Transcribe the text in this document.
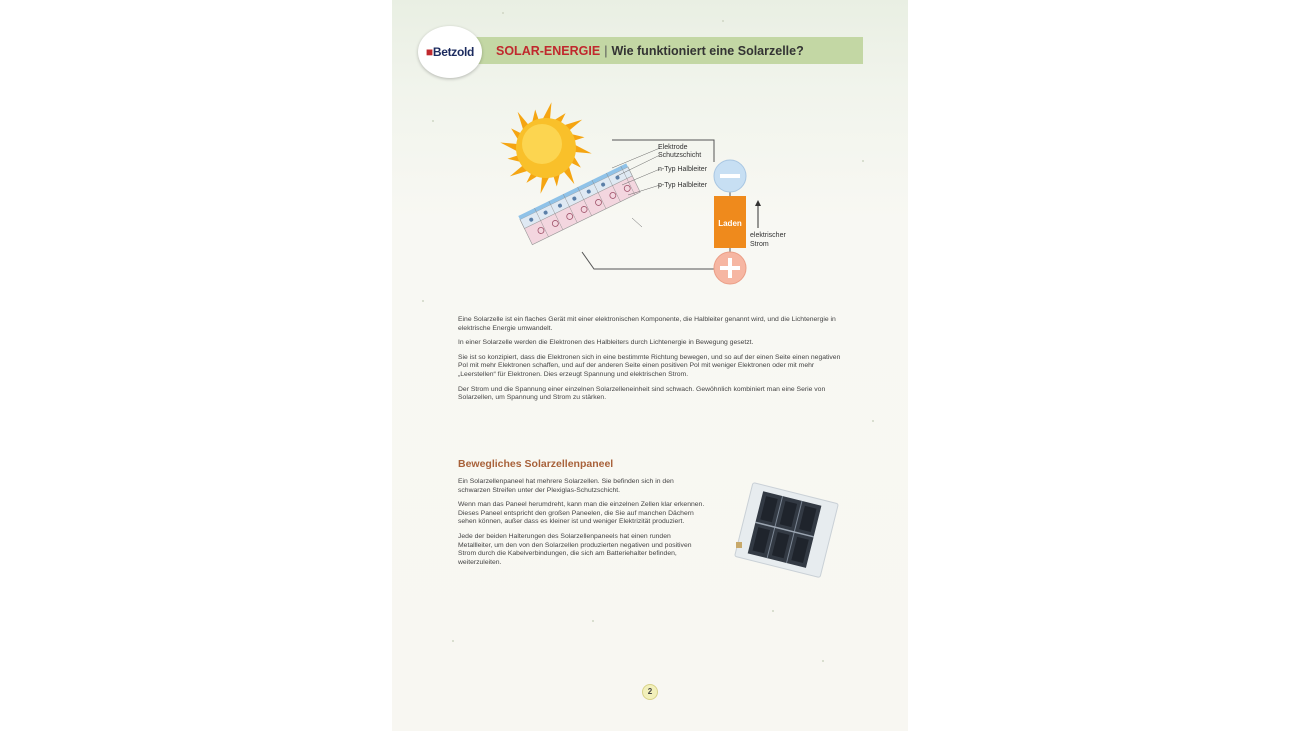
SOLAR-ENERGIE | Wie funktioniert eine Solarzelle?
■Betzold
Elektrode
Schutzschicht
n-Typ Halbleiter
p-Typ Halbleiter
Laden
elektrischer
Strom

Eine Solarzelle ist ein flaches Gerät mit einer elektronischen Komponente, die Halbleiter genannt wird, und die Lichtenergie in elektrische Energie umwandelt.

In einer Solarzelle werden die Elektronen des Halbleiters durch Lichtenergie in Bewegung gesetzt.

Sie ist so konzipiert, dass die Elektronen sich in eine bestimmte Richtung bewegen, und so auf der einen Seite einen negativen Pol mit mehr Elektronen schaffen, und auf der anderen Seite einen positiven Pol mit weniger Elektronen oder mit mehr „Leerstellen“ für Elektronen. Dies erzeugt Spannung und elektrischen Strom.

Der Strom und die Spannung einer einzelnen Solarzelleneinheit sind schwach. Gewöhnlich kombiniert man eine Serie von Solarzellen, um Spannung und Strom zu stärken.

Bewegliches Solarzellenpaneel

Ein Solarzellenpaneel hat mehrere Solarzellen. Sie befinden sich in den schwarzen Streifen unter der Plexiglas-Schutzschicht.

Wenn man das Paneel herumdreht, kann man die einzelnen Zellen klar erkennen. Dieses Paneel entspricht den großen Paneelen, die Sie auf manchen Dächern sehen können, außer dass es kleiner ist und weniger Elektrizität produziert.

Jede der beiden Halterungen des Solarzellenpaneels hat einen runden Metallleiter, um den von den Solarzellen produzierten negativen und positiven Strom durch die Kabelverbindungen, die sich am Batteriehalter befinden, weiterzuleiten.

2
